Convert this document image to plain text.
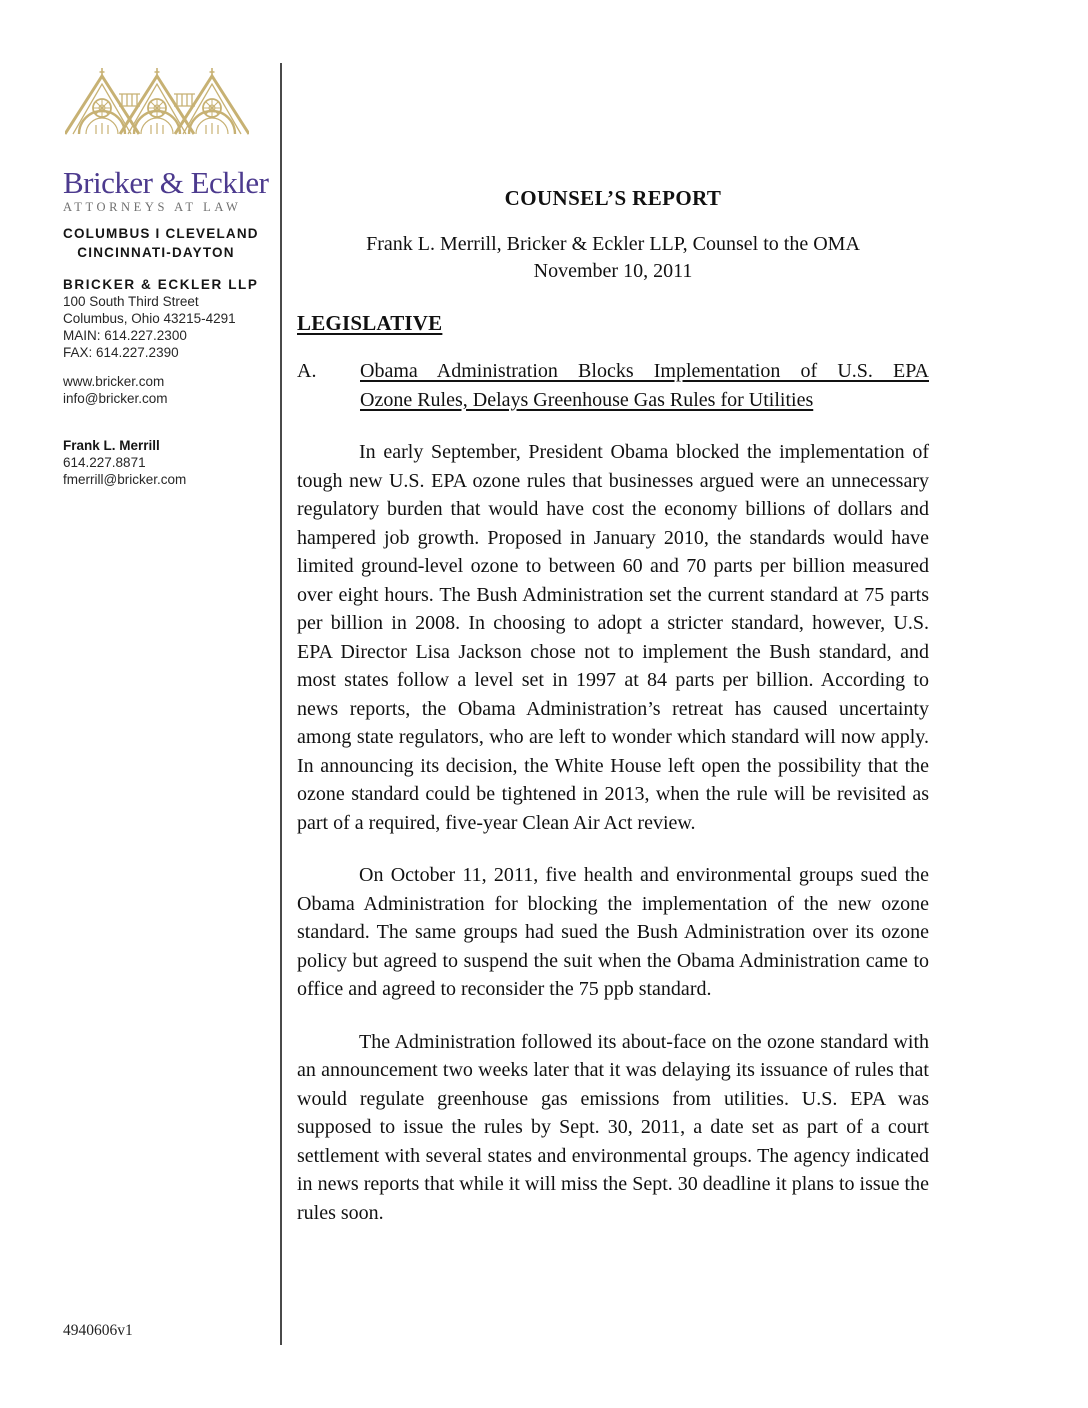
Bricker & Eckler
ATTORNEYS AT LAW
COLUMBUS I CLEVELAND
CINCINNATI-DAYTON
BRICKER & ECKLER LLP
100 South Third Street
Columbus, Ohio 43215-4291
MAIN: 614.227.2300
FAX: 614.227.2390
www.bricker.com
info@bricker.com
Frank L. Merrill
614.227.8871
fmerrill@bricker.com
COUNSEL’S REPORT
Frank L. Merrill, Bricker & Eckler LLP, Counsel to the OMA
November 10, 2011
LEGISLATIVE
A. Obama Administration Blocks Implementation of U.S. EPA
Ozone Rules, Delays Greenhouse Gas Rules for Utilities

In early September, President Obama blocked the implementation of tough new U.S. EPA ozone rules that businesses argued were an unnecessary regulatory burden that would have cost the economy billions of dollars and hampered job growth. Proposed in January 2010, the standards would have limited ground-level ozone to between 60 and 70 parts per billion measured over eight hours. The Bush Administration set the current standard at 75 parts per billion in 2008. In choosing to adopt a stricter standard, however, U.S. EPA Director Lisa Jackson chose not to implement the Bush standard, and most states follow a level set in 1997 at 84 parts per billion. According to news reports, the Obama Administration’s retreat has caused uncertainty among state regulators, who are left to wonder which standard will now apply. In announcing its decision, the White House left open the possibility that the ozone standard could be tightened in 2013, when the rule will be revisited as part of a required, five-year Clean Air Act review.

On October 11, 2011, five health and environmental groups sued the Obama Administration for blocking the implementation of the new ozone standard. The same groups had sued the Bush Administration over its ozone policy but agreed to suspend the suit when the Obama Administration came to office and agreed to reconsider the 75 ppb standard.

The Administration followed its about-face on the ozone standard with an announcement two weeks later that it was delaying its issuance of rules that would regulate greenhouse gas emissions from utilities. U.S. EPA was supposed to issue the rules by Sept. 30, 2011, a date set as part of a court settlement with several states and environmental groups. The agency indicated in news reports that while it will miss the Sept. 30 deadline it plans to issue the rules soon.

4940606v1
